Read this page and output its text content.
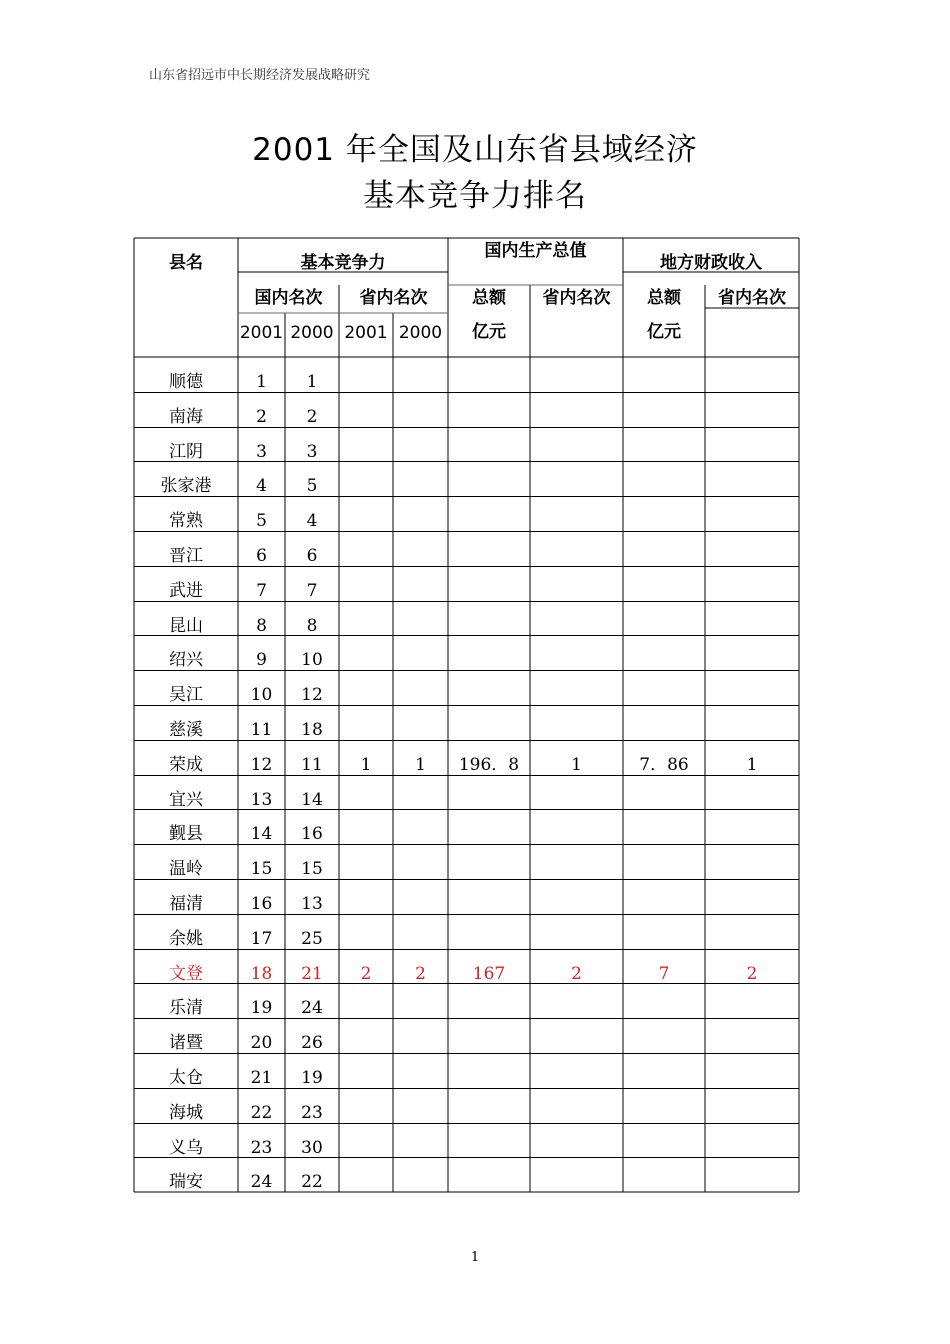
山东省招远市中长期经济发展战略研究
2001 年全国及山东省县域经济
基本竞争力排名
县名	基本竞争力
国内生产总值
地方财政收入
国内名次	省内名次	总额	省内名次	总额	省内名次
2001 2000 2001 2000	亿元	亿元
顺德	1	1
南海	2	2
江阴	3	3
张家港	4	5
常熟	5	4
晋江	6	6
武进	7	7
昆山	8	8
绍兴	9	10
吴江	10	12
慈溪	11	18
荣成	12	11	1	1	196．8	1	7．86	1
宜兴	13	14
觐县	14	16
温岭	15	15
福清	16	13
余姚	17	25
文登	18	21	2	2	167	2	7	2
乐清	19	24
诸暨	20	26
太仓	21	19
海城	22	23
义乌	23	30
瑞安	24	22
1
